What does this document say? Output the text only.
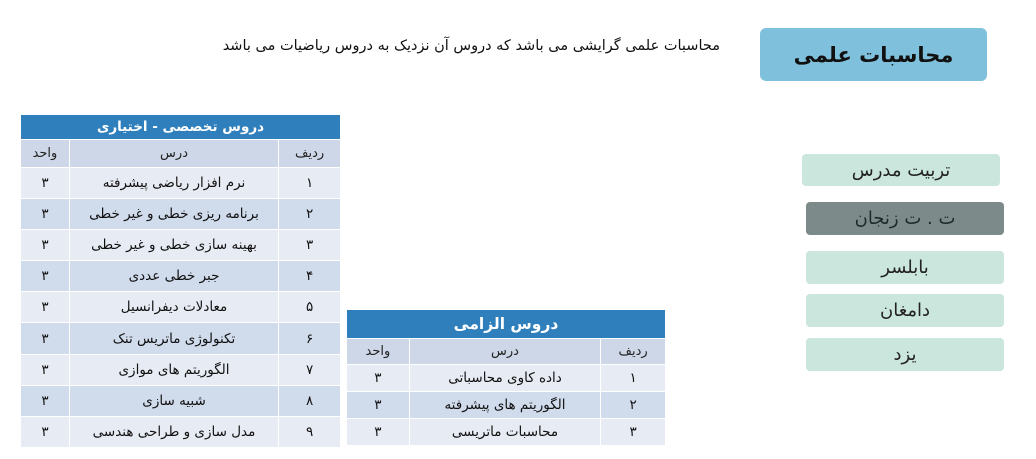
محاسبات علمی
محاسبات علمی گرایشی می باشد که دروس آن نزدیک به دروس ریاضیات می باشد
تربیت مدرس
ت . ت زنجان
بابلسر
دامغان
یزد
دروس تخصصی - اختیاری		
ردیف	درس	واحد
۱	نرم افزار ریاضی پیشرفته	۳
۲	برنامه ریزی خطی و غیر خطی	۳
۳	بهینه سازی خطی و غیر خطی	۳
۴	جبر خطی عددی	۳
۵	معادلات دیفرانسیل	۳
۶	تکنولوژی ماتریس تنک	۳
۷	الگوریتم های موازی	۳
۸	شبیه سازی	۳
۹	مدل سازی و طراحی هندسی	۳
دروس الزامی		
ردیف	درس	واحد
۱	داده کاوی محاسباتی	۳
۲	الگوریتم های پیشرفته	۳
۳	محاسبات ماتریسی	۳
